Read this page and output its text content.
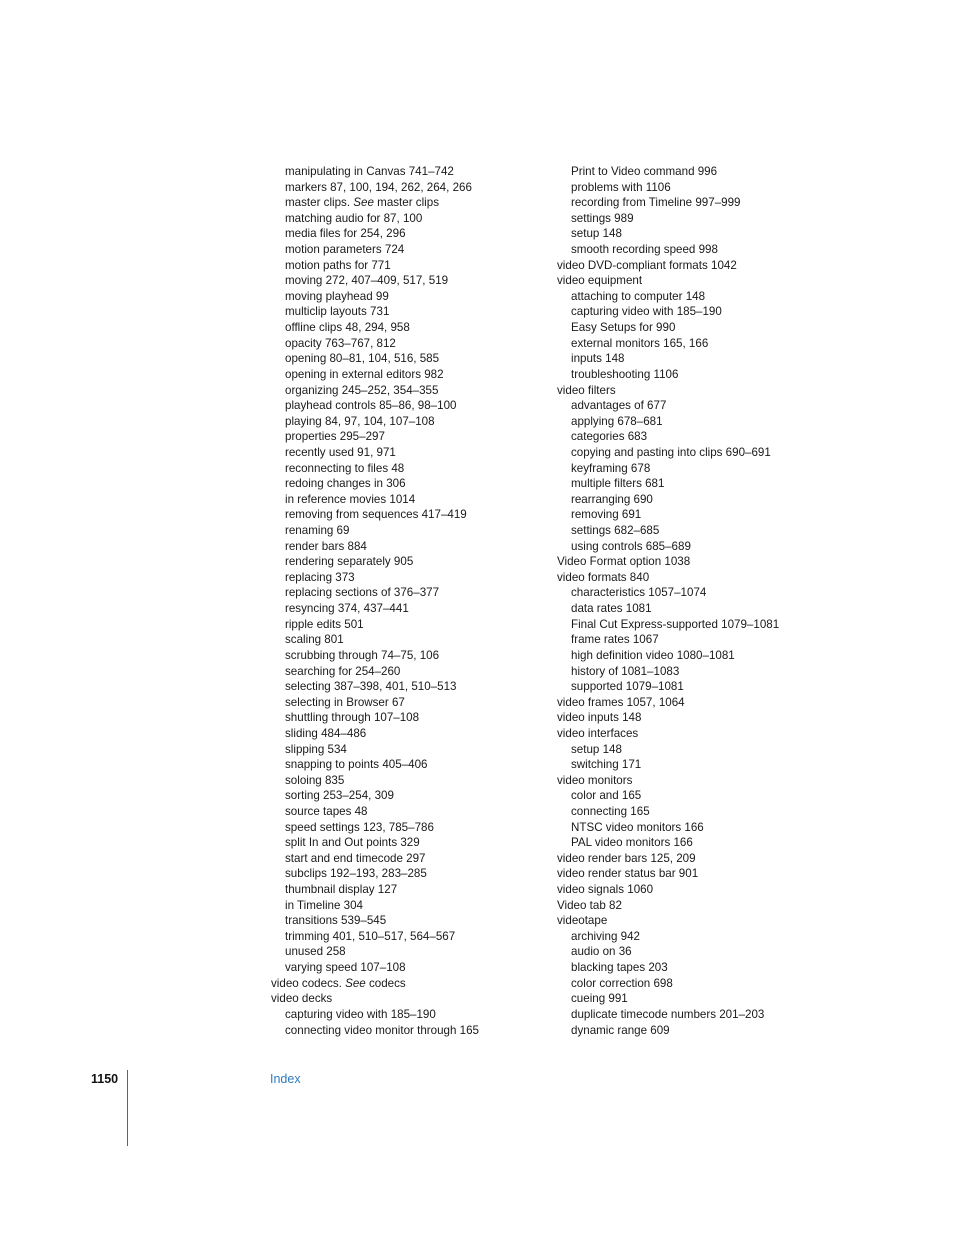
manipulating in Canvas 741–742
markers 87, 100, 194, 262, 264, 266
master clips. See master clips
matching audio for 87, 100
media files for 254, 296
motion parameters 724
motion paths for 771
moving 272, 407–409, 517, 519
moving playhead 99
multiclip layouts 731
offline clips 48, 294, 958
opacity 763–767, 812
opening 80–81, 104, 516, 585
opening in external editors 982
organizing 245–252, 354–355
playhead controls 85–86, 98–100
playing 84, 97, 104, 107–108
properties 295–297
recently used 91, 971
reconnecting to files 48
redoing changes in 306
in reference movies 1014
removing from sequences 417–419
renaming 69
render bars 884
rendering separately 905
replacing 373
replacing sections of 376–377
resyncing 374, 437–441
ripple edits 501
scaling 801
scrubbing through 74–75, 106
searching for 254–260
selecting 387–398, 401, 510–513
selecting in Browser 67
shuttling through 107–108
sliding 484–486
slipping 534
snapping to points 405–406
soloing 835
sorting 253–254, 309
source tapes 48
speed settings 123, 785–786
split In and Out points 329
start and end timecode 297
subclips 192–193, 283–285
thumbnail display 127
in Timeline 304
transitions 539–545
trimming 401, 510–517, 564–567
unused 258
varying speed 107–108
video codecs. See codecs
video decks
capturing video with 185–190
connecting video monitor through 165
Print to Video command 996
problems with 1106
recording from Timeline 997–999
settings 989
setup 148
smooth recording speed 998
video DVD-compliant formats 1042
video equipment
attaching to computer 148
capturing video with 185–190
Easy Setups for 990
external monitors 165, 166
inputs 148
troubleshooting 1106
video filters
advantages of 677
applying 678–681
categories 683
copying and pasting into clips 690–691
keyframing 678
multiple filters 681
rearranging 690
removing 691
settings 682–685
using controls 685–689
Video Format option 1038
video formats 840
characteristics 1057–1074
data rates 1081
Final Cut Express-supported 1079–1081
frame rates 1067
high definition video 1080–1081
history of 1081–1083
supported 1079–1081
video frames 1057, 1064
video inputs 148
video interfaces
setup 148
switching 171
video monitors
color and 165
connecting 165
NTSC video monitors 166
PAL video monitors 166
video render bars 125, 209
video render status bar 901
video signals 1060
Video tab 82
videotape
archiving 942
audio on 36
blacking tapes 203
color correction 698
cueing 991
duplicate timecode numbers 201–203
dynamic range 609
1150	Index
